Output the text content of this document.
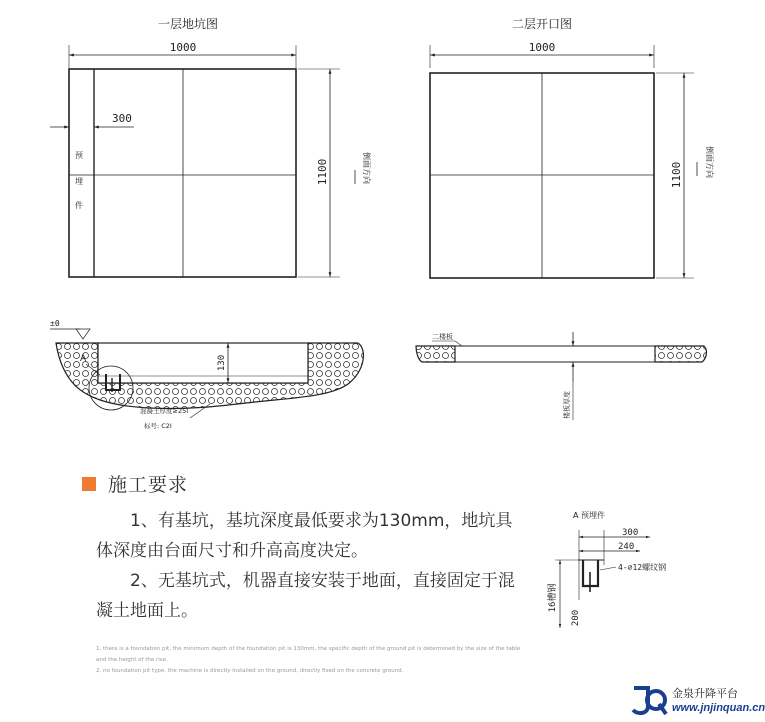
一层地坑图
1000
300
预
埋
件
1100	倒面方向
二层开口图
1000
1100	倒面方向
±0
130
A
混凝土厚度≥25I
标号: C2I
二楼板
楼板厚度
A 预埋件
300
240
4-⌀12螺纹钢
16槽钢
200
施工要求

1、有基坑，基坑深度最低要求为130mm，地坑具体深度由台面尺寸和升高高度决定。

2、无基坑式，机器直接安装于地面，直接固定于混凝土地面上。

1, there is a foundation pit, the minimum depth of the foundation pit is 130mm, the specific depth of the ground pit is determined by the size of the table and the height of the rise.

2, no foundation pit type, the machine is directly installed on the ground, directly fixed on the concrete ground.

金泉升降平台
www.jnjinquan.cn
